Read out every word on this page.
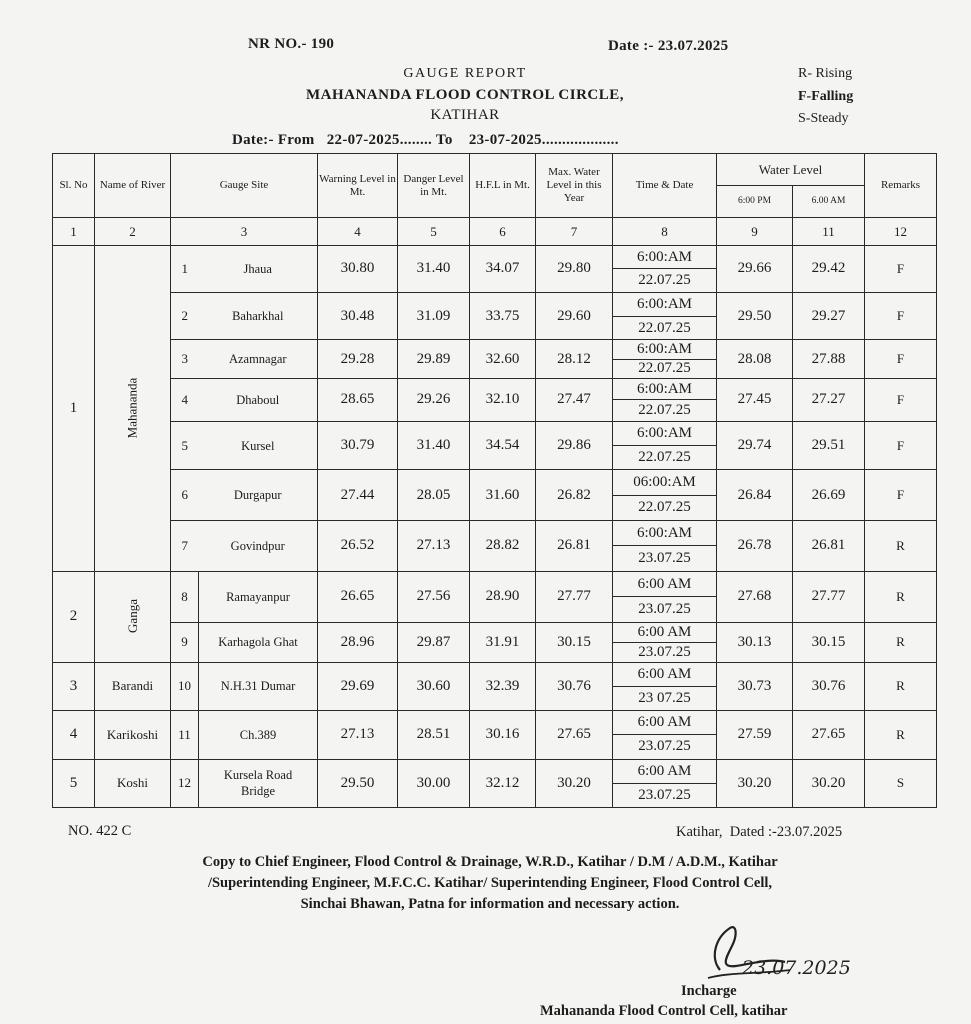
NR NO.- 190	Date :- 23.07.2025
GAUGE REPORT
MAHANANDA FLOOD CONTROL CIRCLE,
KATIHAR
R- Rising
F-Falling
S-Steady
Date:- From   22-07-2025........ To    23-07-2025...................
Sl. No	Name of River	Gauge Site		Warning Level in Mt.	Danger Level in Mt.	H.F.L in Mt.	Max. Water Level in this Year	Time & Date	Water Level		Remarks
									6:00 PM	6.00 AM	
1	2	3		4	5	6	7	8	9	11	12
1	Mahananda	1	Jhaua	30.80	31.40	34.07	29.80	6:00:AM
22.07.25	29.66	29.42	F
		2	Baharkhal	30.48	31.09	33.75	29.60	6:00:AM
22.07.25	29.50	29.27	F
		3	Azamnagar	29.28	29.89	32.60	28.12	6:00:AM
22.07.25	28.08	27.88	F
		4	Dhaboul	28.65	29.26	32.10	27.47	6:00:AM
22.07.25	27.45	27.27	F
		5	Kursel	30.79	31.40	34.54	29.86	6:00:AM
22.07.25	29.74	29.51	F
		6	Durgapur	27.44	28.05	31.60	26.82	06:00:AM
22.07.25	26.84	26.69	F
		7	Govindpur	26.52	27.13	28.82	26.81	6:00:AM
23.07.25	26.78	26.81	R
2	Ganga	8	Ramayanpur	26.65	27.56	28.90	27.77	6:00 AM
23.07.25	27.68	27.77	R
		9	Karhagola Ghat	28.96	29.87	31.91	30.15	6:00 AM
23.07.25	30.13	30.15	R
3	Barandi	10	N.H.31 Dumar	29.69	30.60	32.39	30.76	6:00 AM
23 07.25	30.73	30.76	R
4	Karikoshi	11	Ch.389	27.13	28.51	30.16	27.65	6:00 AM
23.07.25	27.59	27.65	R
5	Koshi	12	Kursela Road Bridge	29.50	30.00	32.12	30.20	6:00 AM
23.07.25	30.20	30.20	S
NO. 422 C	Katihar,  Dated :-23.07.2025
Copy to Chief Engineer, Flood Control & Drainage, W.R.D., Katihar / D.M / A.D.M., Katihar
/Superintending Engineer, M.F.C.C. Katihar/ Superintending Engineer, Flood Control Cell,
Sinchai Bhawan, Patna for information and necessary action.
23.07.2025
Incharge
Mahananda Flood Control Cell, katihar
